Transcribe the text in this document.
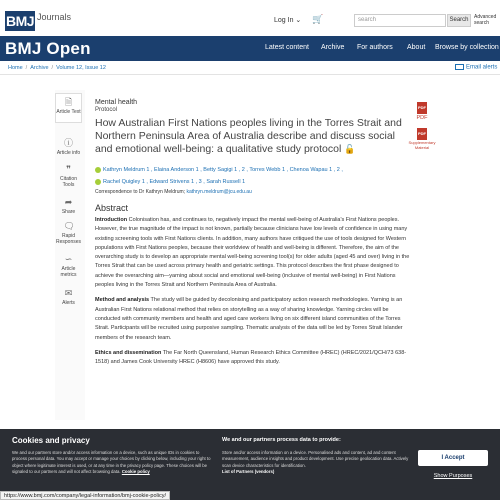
BMJ Journals	Log In ⌄ 🛒	search	Search	Advanced search
BMJ Open	Latest content Archive For authors About Browse by collection
Home / Archive / Volume 12, Issue 12	Email alerts
🗎
Article Text
ⓘ
Article info
❞
Citation Tools
➦
Share
🗨
Rapid Responses
∽
Article metrics
✉
Alerts
Mental health
Protocol
How Australian First Nations peoples living in the Torres Strait and Northern Peninsula Area of Australia describe and discuss social and emotional well-being: a qualitative study protocol 🔓
Kathryn Meldrum 1 , Elaina Anderson 1 , Betty Sagigi 1 , 2 , Torres Webb 1 , Chenoa Wapau 1 , 2 ,
Rachel Quigley 1 , Edward Strivens 1 , 3 , Sarah Russell 1
Correspondence to Dr Kathryn Meldrum; kathryn.meldrum@jcu.edu.au
Abstract

Introduction Colonisation has, and continues to, negatively impact the mental well-being of Australia's First Nations peoples. However, the true magnitude of the impact is not known, partially because clinicians have low levels of confidence in using many existing screening tools with First Nations clients. In addition, many authors have critiqued the use of tools designed for Western populations with First Nations peoples, because their worldview of health and well-being is different. Therefore, the aim of the overarching study is to develop an appropriate mental well-being screening tool(s) for older adults (aged 45 and over) living in the Torres Strait that can be used across primary health and geriatric settings. This protocol describes the first phase designed to achieve the overarching aim—yarning about social and emotional well-being (inclusive of mental well-being) in First Nations peoples living in the Torres Strait and Northern Peninsula Area of Australia.

Method and analysis The study will be guided by decolonising and participatory action research methodologies. Yarning is an Australian First Nations relational method that relies on storytelling as a way of sharing knowledge. Yarning circles will be conducted with community members and health and aged care workers living on six different island communities of the Torres Strait. Participants will be recruited using purposive sampling. Thematic analysis of the data will be led by Torres Strait Islander members of the research team.

Ethics and dissemination The Far North Queensland, Human Research Ethics Committee (HREC) (HREC/2021/QCH/73 638-1518) and James Cook University HREC (H8606) have approved this study.

PDF
PDF
PDF
Supplementary Material
Cookies and privacy
We and our partners store and/or access information on a device, such as unique IDs in cookies to process personal data. You may accept or manage your choices by clicking below, including your right to object where legitimate interest is used, or at any time in the privacy policy page. These choices will be signaled to our partners and will not affect browsing data. Cookie policy
We and our partners process data to provide:
Store and/or access information on a device. Personalised ads and content, ad and content measurement, audience insights and product development. Use precise geolocation data. Actively scan device characteristics for identification.
List of Partners (vendors)
I Accept
Show Purposes
https://www.bmj.com/company/legal-information/bmj-cookie-policy/
